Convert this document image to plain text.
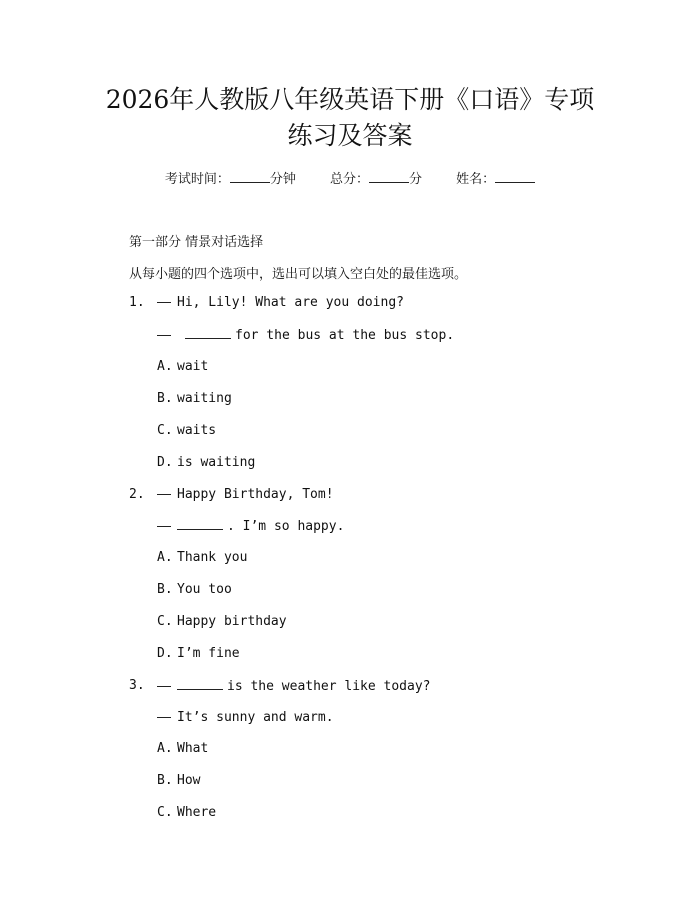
2026年人教版八年级英语下册《口语》专项
练习及答案
考试时间：	分钟	总分：	分	姓名：
第一部分 情景对话选择
从每小题的四个选项中，选出可以填入空白处的最佳选项。
1.	Hi, Lily! What are you doing?
for the bus at the bus stop.
A. wait
B. waiting
C. waits
D. is waiting
2.	Happy Birthday, Tom!
. I’m so happy.
A. Thank you
B. You too
C. Happy birthday
D. I’m fine
3.	is the weather like today?
It’s sunny and warm.
A. What
B. How
C. Where
